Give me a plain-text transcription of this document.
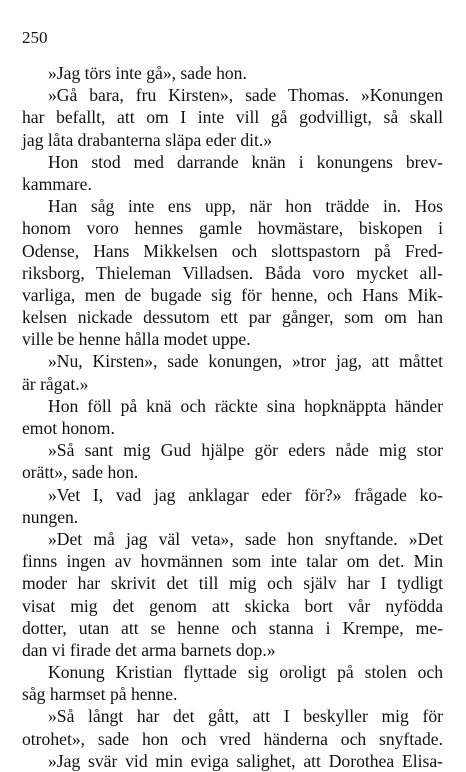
250
»Jag törs inte gå», sade hon.
»Gå bara, fru Kirsten», sade Thomas. »Konungen
har befallt, att om I inte vill gå godvilligt, så skall
jag låta drabanterna släpa eder dit.»
Hon stod med darrande knän i konungens brev-
kammare.
Han såg inte ens upp, när hon trädde in. Hos
honom voro hennes gamle hovmästare, biskopen i
Odense, Hans Mikkelsen och slottspastorn på Fred-
riksborg, Thieleman Villadsen. Båda voro mycket all-
varliga, men de bugade sig för henne, och Hans Mik-
kelsen nickade dessutom ett par gånger, som om han
ville be henne hålla modet uppe.
»Nu, Kirsten», sade konungen, »tror jag, att måttet
är rågat.»
Hon föll på knä och räckte sina hopknäppta händer
emot honom.
»Så sant mig Gud hjälpe gör eders nåde mig stor
orätt», sade hon.
»Vet I, vad jag anklagar eder för?» frågade ko-
nungen.
»Det må jag väl veta», sade hon snyftande. »Det
finns ingen av hovmännen som inte talar om det. Min
moder har skrivit det till mig och själv har I tydligt
visat mig det genom att skicka bort vår nyfödda
dotter, utan att se henne och stanna i Krempe, me-
dan vi firade det arma barnets dop.»
Konung Kristian flyttade sig oroligt på stolen och
såg harmset på henne.
»Så långt har det gått, att I beskyller mig för
otrohet», sade hon och vred händerna och snyftade.
»Jag svär vid min eviga salighet, att Dorothea Elisa-
